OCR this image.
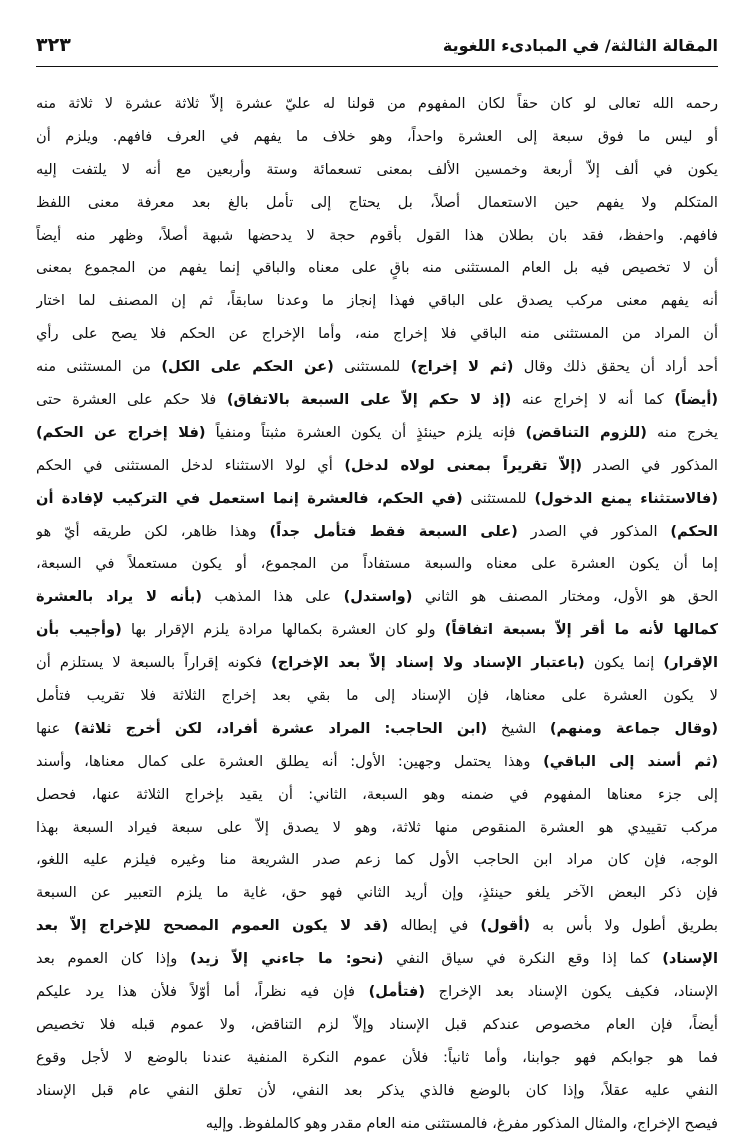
المقالة الثالثة/ في المبادىء اللغوية
٣٢٣
رحمه الله تعالى لو كان حقاً لكان المفهوم من قولنا له عليّ عشرة إلاّ ثلاثة عشرة لا ثلاثة منه
أو ليس ما فوق سبعة إلى العشرة واحداً، وهو خلاف ما يفهم في العرف فافهم. ويلزم أن
يكون في ألف إلاّ أربعة وخمسين الألف بمعنى تسعمائة وستة وأربعين مع أنه لا يلتفت إليه
المتكلم ولا يفهم حين الاستعمال أصلاً، بل يحتاج إلى تأمل بالغ بعد معرفة معنى اللفظ
فافهم. واحفظ، فقد بان بطلان هذا القول بأقوم حجة لا يدحضها شبهة أصلاً، وظهر منه أيضاً
أن لا تخصيص فيه بل العام المستثنى منه باقٍ على معناه والباقي إنما يفهم من المجموع بمعنى
أنه يفهم معنى مركب يصدق على الباقي فهذا إنجاز ما وعدنا سابقاً، ثم إن المصنف لما اختار
أن المراد من المستثنى منه الباقي فلا إخراج منه، وأما الإخراج عن الحكم فلا يصح على رأي
أحد أراد أن يحقق ذلك وقال (ثم لا إخراج) للمستثنى (عن الحكم على الكل) من المستثنى منه
(أيضاً) كما أنه لا إخراج عنه (إذ لا حكم إلاّ على السبعة بالاتفاق) فلا حكم على العشرة حتى
يخرج منه (للزوم التناقض) فإنه يلزم حينئذٍ أن يكون العشرة مثبتاً ومنفياً (فلا إخراج عن الحكم)
المذكور في الصدر (إلاّ تقريراً بمعنى لولاه لدخل) أي لولا الاستثناء لدخل المستثنى في الحكم
(فالاستثناء يمنع الدخول) للمستثنى (في الحكم، فالعشرة إنما استعمل في التركيب لإفادة أن
الحكم) المذكور في الصدر (على السبعة فقط فتأمل جداً) وهذا ظاهر، لكن طريقه أيّ هو
إما أن يكون العشرة على معناه والسبعة مستفاداً من المجموع، أو يكون مستعملاً في السبعة،
الحق هو الأول، ومختار المصنف هو الثاني (واستدل) على هذا المذهب (بأنه لا يراد بالعشرة
كمالها لأنه ما أقر إلاّ بسبعة اتفاقاً) ولو كان العشرة بكمالها مرادة يلزم الإقرار بها (وأجيب بأن
الإقرار) إنما يكون (باعتبار الإسناد ولا إسناد إلاّ بعد الإخراج) فكونه إقراراً بالسبعة لا يستلزم أن
لا يكون العشرة على معناها، فإن الإسناد إلى ما بقي بعد إخراج الثلاثة فلا تقريب فتأمل
(وقال جماعة ومنهم) الشيخ (ابن الحاجب: المراد عشرة أفراد، لكن أخرج ثلاثة) عنها
(ثم أسند إلى الباقي) وهذا يحتمل وجهين: الأول: أنه يطلق العشرة على كمال معناها، وأسند
إلى جزء معناها المفهوم في ضمنه وهو السبعة، الثاني: أن يقيد بإخراج الثلاثة عنها، فحصل
مركب تقييدي هو العشرة المنقوص منها ثلاثة، وهو لا يصدق إلاّ على سبعة فيراد السبعة بهذا
الوجه، فإن كان مراد ابن الحاجب الأول كما زعم صدر الشريعة منا وغيره فيلزم عليه اللغو،
فإن ذكر البعض الآخر يلغو حينئذٍ، وإن أريد الثاني فهو حق، غاية ما يلزم التعبير عن السبعة
بطريق أطول ولا بأس به (أقول) في إبطاله (قد لا يكون العموم المصحح للإخراج إلاّ بعد
الإسناد) كما إذا وقع النكرة في سياق النفي (نحو: ما جاءني إلاّ زيد) وإذا كان العموم بعد
الإسناد، فكيف يكون الإسناد بعد الإخراج (فتأمل) فإن فيه نظراً، أما أوّلاً فلأن هذا يرد عليكم
أيضاً، فإن العام مخصوص عندكم قبل الإسناد وإلاّ لزم التناقض، ولا عموم قبله فلا تخصيص
فما هو جوابكم فهو جوابنا، وأما ثانياً: فلأن عموم النكرة المنفية عندنا بالوضع لا لأجل وقوع
النفي عليه عقلاً، وإذا كان بالوضع فالذي يذكر بعد النفي، لأن تعلق النفي عام قبل الإسناد
فيصح الإخراج، والمثال المذكور مفرغ، فالمستثنى منه العام مقدر وهو كالملفوظ. وإليه
